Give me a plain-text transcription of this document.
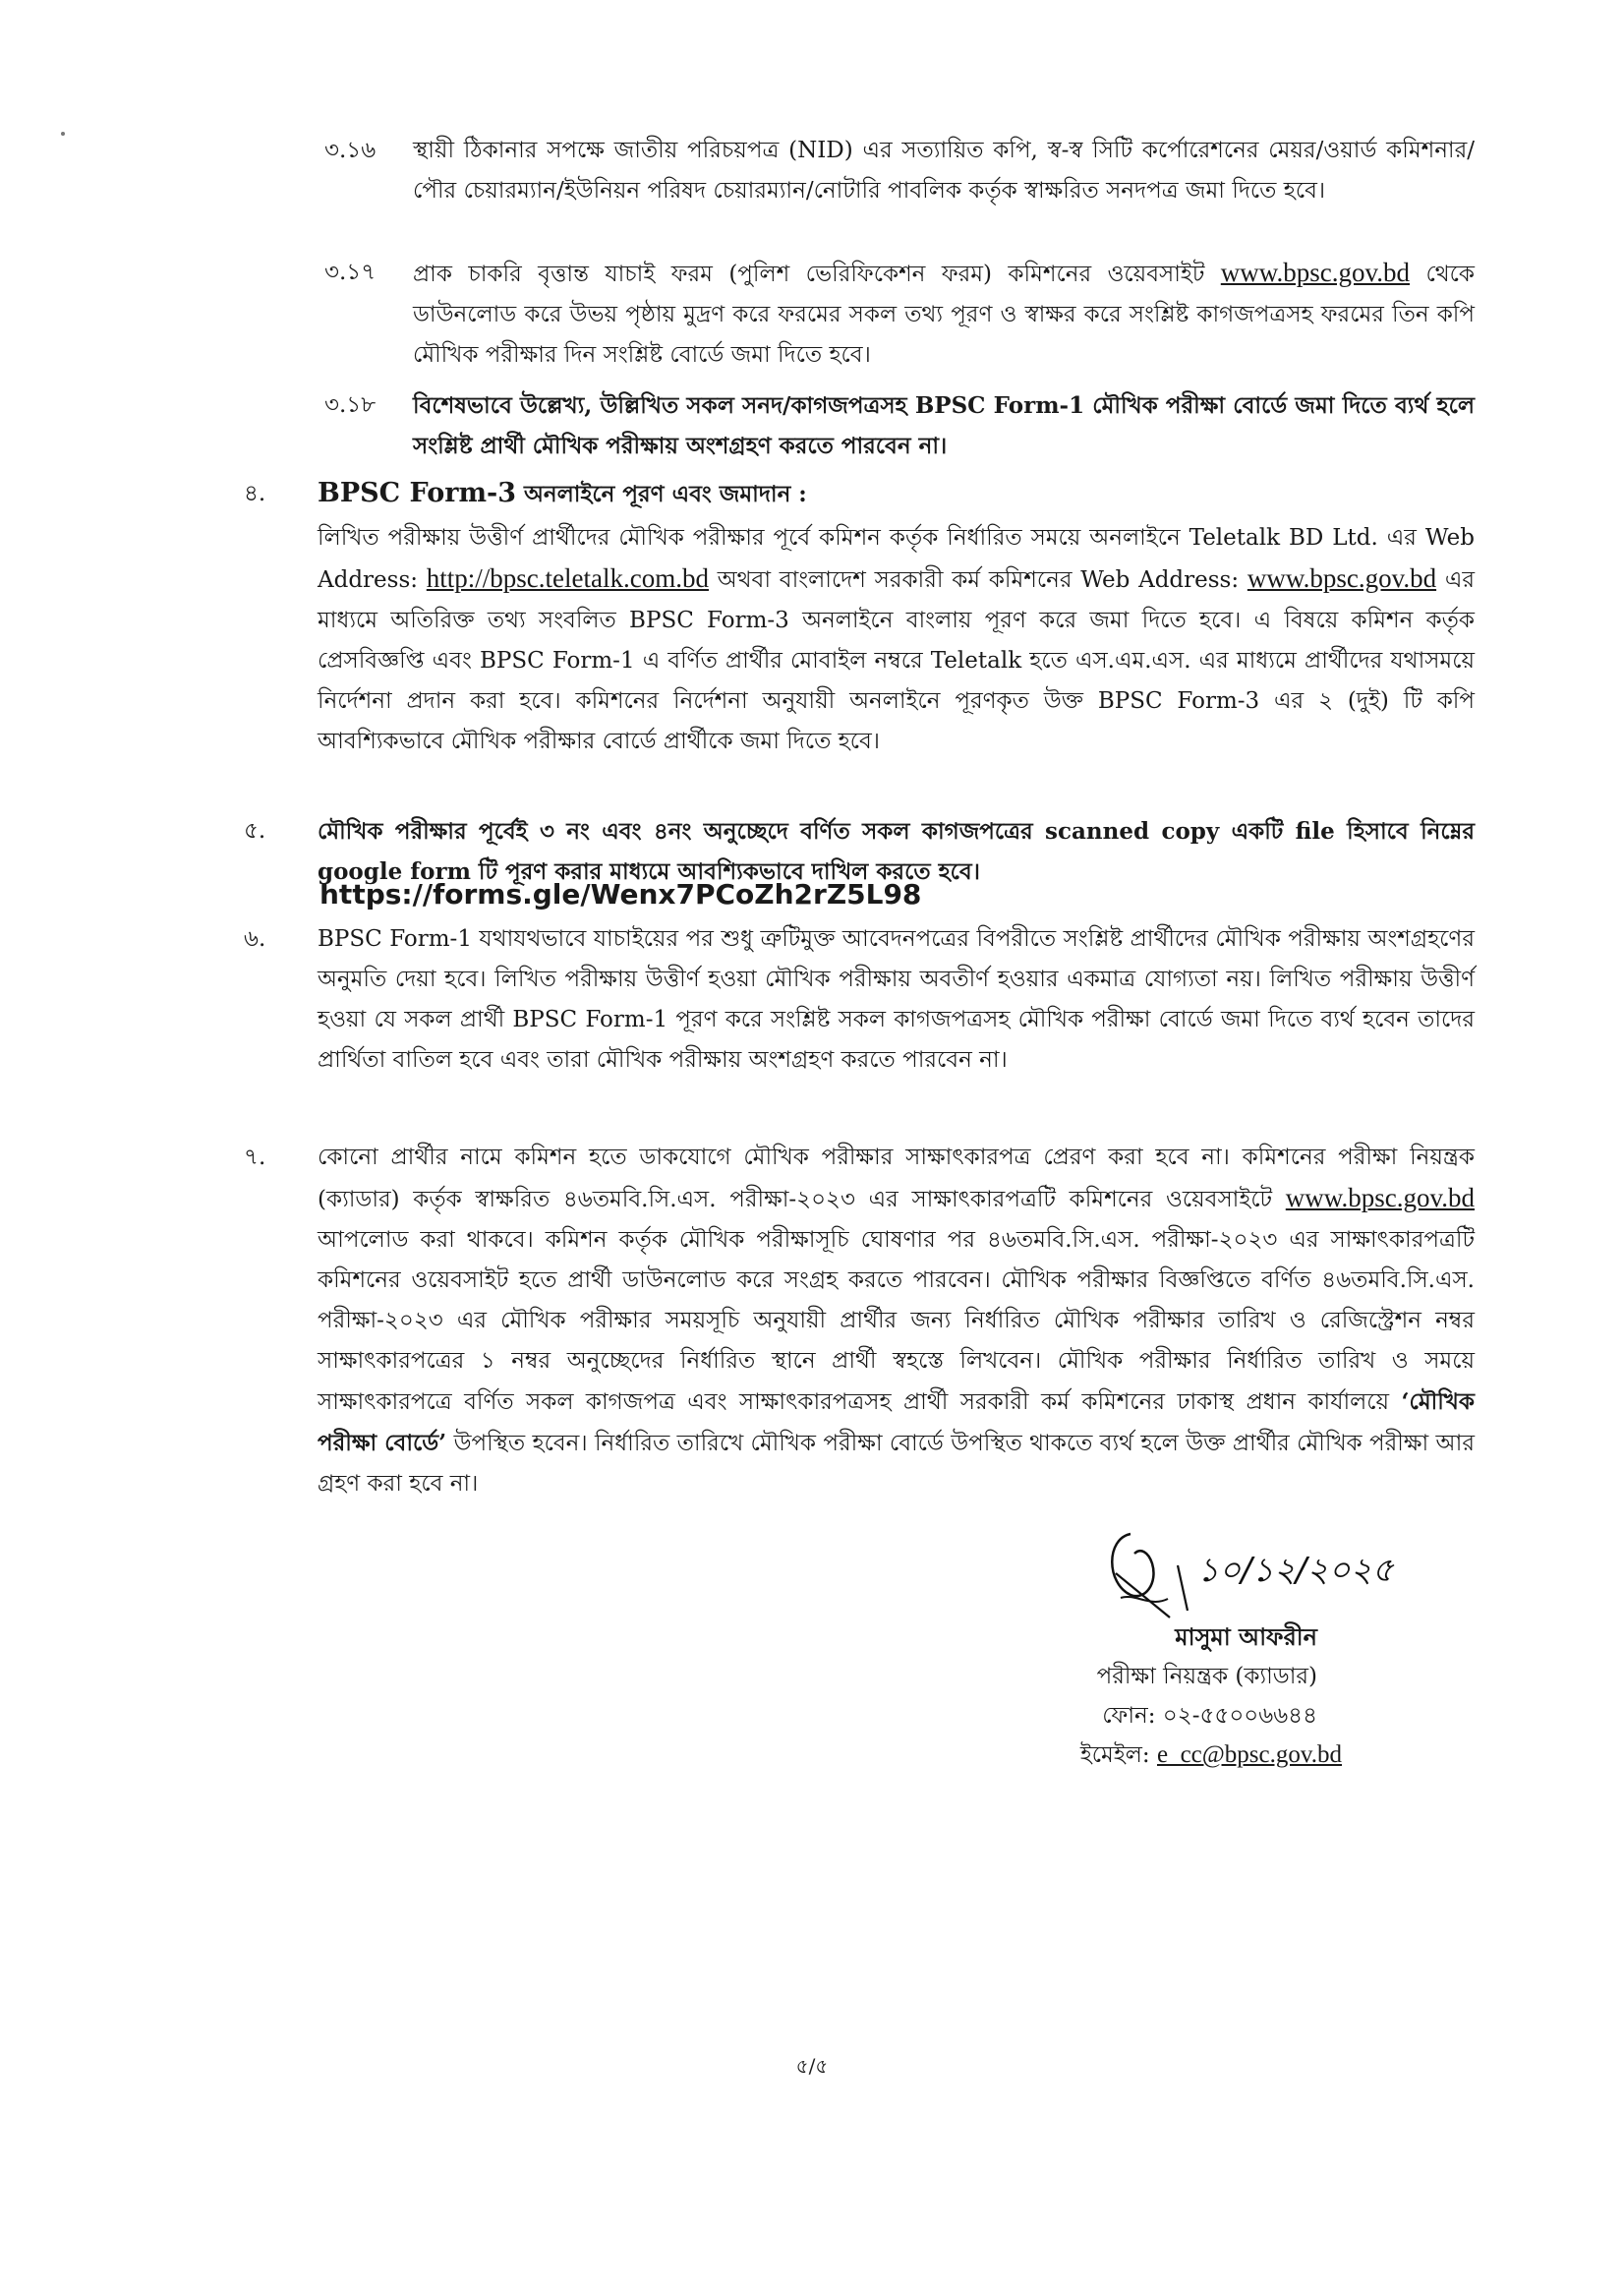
৩.১৬ স্থায়ী ঠিকানার সপক্ষে জাতীয় পরিচয়পত্র (NID) এর সত্যায়িত কপি, স্ব-স্ব সিটি কর্পোরেশনের মেয়র/ওয়ার্ড কমিশনার/পৌর চেয়ারম্যান/ইউনিয়ন পরিষদ চেয়ারম্যান/নোটারি পাবলিক কর্তৃক স্বাক্ষরিত সনদপত্র জমা দিতে হবে।

৩.১৭ প্রাক চাকরি বৃত্তান্ত যাচাই ফরম (পুলিশ ভেরিফিকেশন ফরম) কমিশনের ওয়েবসাইট www.bpsc.gov.bd থেকে ডাউনলোড করে উভয় পৃষ্ঠায় মুদ্রণ করে ফরমের সকল তথ্য পূরণ ও স্বাক্ষর করে সংশ্লিষ্ট কাগজপত্রসহ ফরমের তিন কপি মৌখিক পরীক্ষার দিন সংশ্লিষ্ট বোর্ডে জমা দিতে হবে।

৩.১৮ বিশেষভাবে উল্লেখ্য, উল্লিখিত সকল সনদ/কাগজপত্রসহ BPSC Form-1 মৌখিক পরীক্ষা বোর্ডে জমা দিতে ব্যর্থ হলে সংশ্লিষ্ট প্রার্থী মৌখিক পরীক্ষায় অংশগ্রহণ করতে পারবেন না।

৪. BPSC Form-3 অনলাইনে পূরণ এবং জমাদান :

লিখিত পরীক্ষায় উত্তীর্ণ প্রার্থীদের মৌখিক পরীক্ষার পূর্বে কমিশন কর্তৃক নির্ধারিত সময়ে অনলাইনে Teletalk BD Ltd. এর Web Address: http://bpsc.teletalk.com.bd অথবা বাংলাদেশ সরকারী কর্ম কমিশনের Web Address: www.bpsc.gov.bd এর মাধ্যমে অতিরিক্ত তথ্য সংবলিত BPSC Form-3 অনলাইনে বাংলায় পূরণ করে জমা দিতে হবে। এ বিষয়ে কমিশন কর্তৃক প্রেসবিজ্ঞপ্তি এবং BPSC Form-1 এ বর্ণিত প্রার্থীর মোবাইল নম্বরে Teletalk হতে এস.এম.এস. এর মাধ্যমে প্রার্থীদের যথাসময়ে নির্দেশনা প্রদান করা হবে। কমিশনের নির্দেশনা অনুযায়ী অনলাইনে পূরণকৃত উক্ত BPSC Form-3 এর ২ (দুই) টি কপি আবশ্যিকভাবে মৌখিক পরীক্ষার বোর্ডে প্রার্থীকে জমা দিতে হবে।

৫. মৌখিক পরীক্ষার পূর্বেই ৩ নং এবং ৪নং অনুচ্ছেদে বর্ণিত সকল কাগজপত্রের scanned copy একটি file হিসাবে নিম্নের google form টি পূরণ করার মাধ্যমে আবশ্যিকভাবে দাখিল করতে হবে।

https://forms.gle/Wenx7PCoZh2rZ5L98
৬. BPSC Form-1 যথাযথভাবে যাচাইয়ের পর শুধু ত্রুটিমুক্ত আবেদনপত্রের বিপরীতে সংশ্লিষ্ট প্রার্থীদের মৌখিক পরীক্ষায় অংশগ্রহণের অনুমতি দেয়া হবে। লিখিত পরীক্ষায় উত্তীর্ণ হওয়া মৌখিক পরীক্ষায় অবতীর্ণ হওয়ার একমাত্র যোগ্যতা নয়। লিখিত পরীক্ষায় উত্তীর্ণ হওয়া যে সকল প্রার্থী BPSC Form-1 পূরণ করে সংশ্লিষ্ট সকল কাগজপত্রসহ মৌখিক পরীক্ষা বোর্ডে জমা দিতে ব্যর্থ হবেন তাদের প্রার্থিতা বাতিল হবে এবং তারা মৌখিক পরীক্ষায় অংশগ্রহণ করতে পারবেন না।

৭. কোনো প্রার্থীর নামে কমিশন হতে ডাকযোগে মৌখিক পরীক্ষার সাক্ষাৎকারপত্র প্রেরণ করা হবে না। কমিশনের পরীক্ষা নিয়ন্ত্রক (ক্যাডার) কর্তৃক স্বাক্ষরিত ৪৬তমবি.সি.এস. পরীক্ষা-২০২৩ এর সাক্ষাৎকারপত্রটি কমিশনের ওয়েবসাইটে www.bpsc.gov.bd আপলোড করা থাকবে। কমিশন কর্তৃক মৌখিক পরীক্ষাসূচি ঘোষণার পর ৪৬তমবি.সি.এস. পরীক্ষা-২০২৩ এর সাক্ষাৎকারপত্রটি কমিশনের ওয়েবসাইট হতে প্রার্থী ডাউনলোড করে সংগ্রহ করতে পারবেন। মৌখিক পরীক্ষার বিজ্ঞপ্তিতে বর্ণিত ৪৬তমবি.সি.এস. পরীক্ষা-২০২৩ এর মৌখিক পরীক্ষার সময়সূচি অনুযায়ী প্রার্থীর জন্য নির্ধারিত মৌখিক পরীক্ষার তারিখ ও রেজিস্ট্রেশন নম্বর সাক্ষাৎকারপত্রের ১ নম্বর অনুচ্ছেদের নির্ধারিত স্থানে প্রার্থী স্বহস্তে লিখবেন। মৌখিক পরীক্ষার নির্ধারিত তারিখ ও সময়ে সাক্ষাৎকারপত্রে বর্ণিত সকল কাগজপত্র এবং সাক্ষাৎকারপত্রসহ প্রার্থী সরকারী কর্ম কমিশনের ঢাকাস্থ প্রধান কার্যালয়ে ‘মৌখিক পরীক্ষা বোর্ডে’ উপস্থিত হবেন। নির্ধারিত তারিখে মৌখিক পরীক্ষা বোর্ডে উপস্থিত থাকতে ব্যর্থ হলে উক্ত প্রার্থীর মৌখিক পরীক্ষা আর গ্রহণ করা হবে না।

১০/১২/২০২৫
মাসুমা আফরীন
পরীক্ষা নিয়ন্ত্রক (ক্যাডার)
ফোন: ০২-৫৫০০৬৬৪৪
ইমেইল: e_cc@bpsc.gov.bd
৫/৫
